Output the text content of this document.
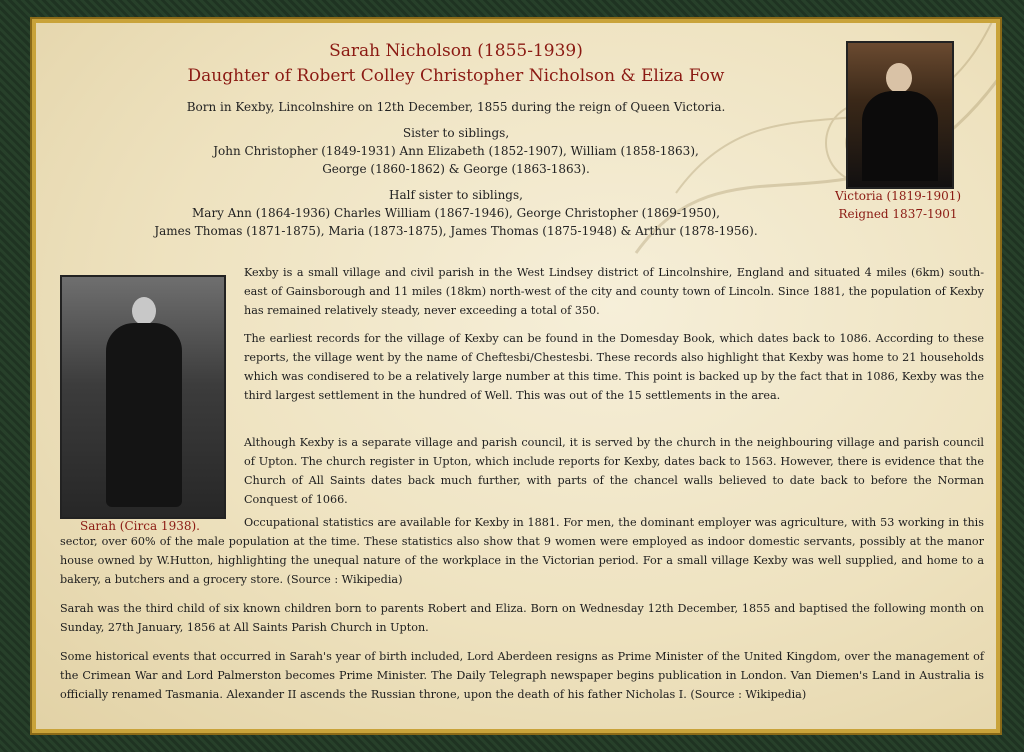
Sarah Nicholson (1855-1939)
Daughter of Robert Colley Christopher Nicholson & Eliza Fow
Born in Kexby, Lincolnshire on 12th December, 1855 during the reign of Queen Victoria.
Sister to siblings,
John Christopher (1849-1931) Ann Elizabeth (1852-1907), William (1858-1863),
George (1860-1862) & George (1863-1863).
Half sister to siblings,
Mary Ann (1864-1936) Charles William (1867-1946), George Christopher (1869-1950),
James Thomas (1871-1875), Maria (1873-1875), James Thomas (1875-1948) & Arthur (1878-1956).
Victoria (1819-1901)
Reigned 1837-1901
Sarah (Circa 1938).

Kexby is a small village and civil parish in the West Lindsey district of Lincolnshire, England and situated 4 miles (6km) south-east of Gainsborough and 11 miles (18km) north-west of the city and county town of Lincoln. Since 1881, the population of Kexby has remained relatively steady, never exceeding a total of 350.

The earliest records for the village of Kexby can be found in the Domesday Book, which dates back to 1086. According to these reports, the village went by the name of Cheftesbi/Chestesbi. These records also highlight that Kexby was home to 21 households which was condisered to be a relatively large number at this time. This point is backed up by the fact that in 1086, Kexby was the third largest settlement in the hundred of Well. This was out of the 15 settlements in the area.

Although Kexby is a separate village and parish council, it is served by the church in the neighbouring village and parish council of Upton. The church register in Upton, which include reports for Kexby, dates back to 1563. However, there is evidence that the Church of All Saints dates back much further, with parts of the chancel walls believed to date back to before the Norman Conquest of 1066.

Occupational statistics are available for Kexby in 1881. For men, the dominant employer was agriculture, with 53 working in this sector, over 60% of the male population at the time. These statistics also show that 9 women were employed as indoor domestic servants, possibly at the manor house owned by W.Hutton, highlighting the unequal nature of the workplace in the Victorian period. For a small village Kexby was well supplied, and home to a bakery, a butchers and a grocery store. (Source : Wikipedia)

Sarah was the third child of six known children born to parents Robert and Eliza. Born on Wednesday 12th December, 1855 and baptised the following month on Sunday, 27th January, 1856 at All Saints Parish Church in Upton.

Some historical events that occurred in Sarah's year of birth included, Lord Aberdeen resigns as Prime Minister of the United Kingdom, over the management of the Crimean War and Lord Palmerston becomes Prime Minister. The Daily Telegraph newspaper begins publication in London. Van Diemen's Land in Australia is officially renamed Tasmania. Alexander II ascends the Russian throne, upon the death of his father Nicholas I. (Source : Wikipedia)
